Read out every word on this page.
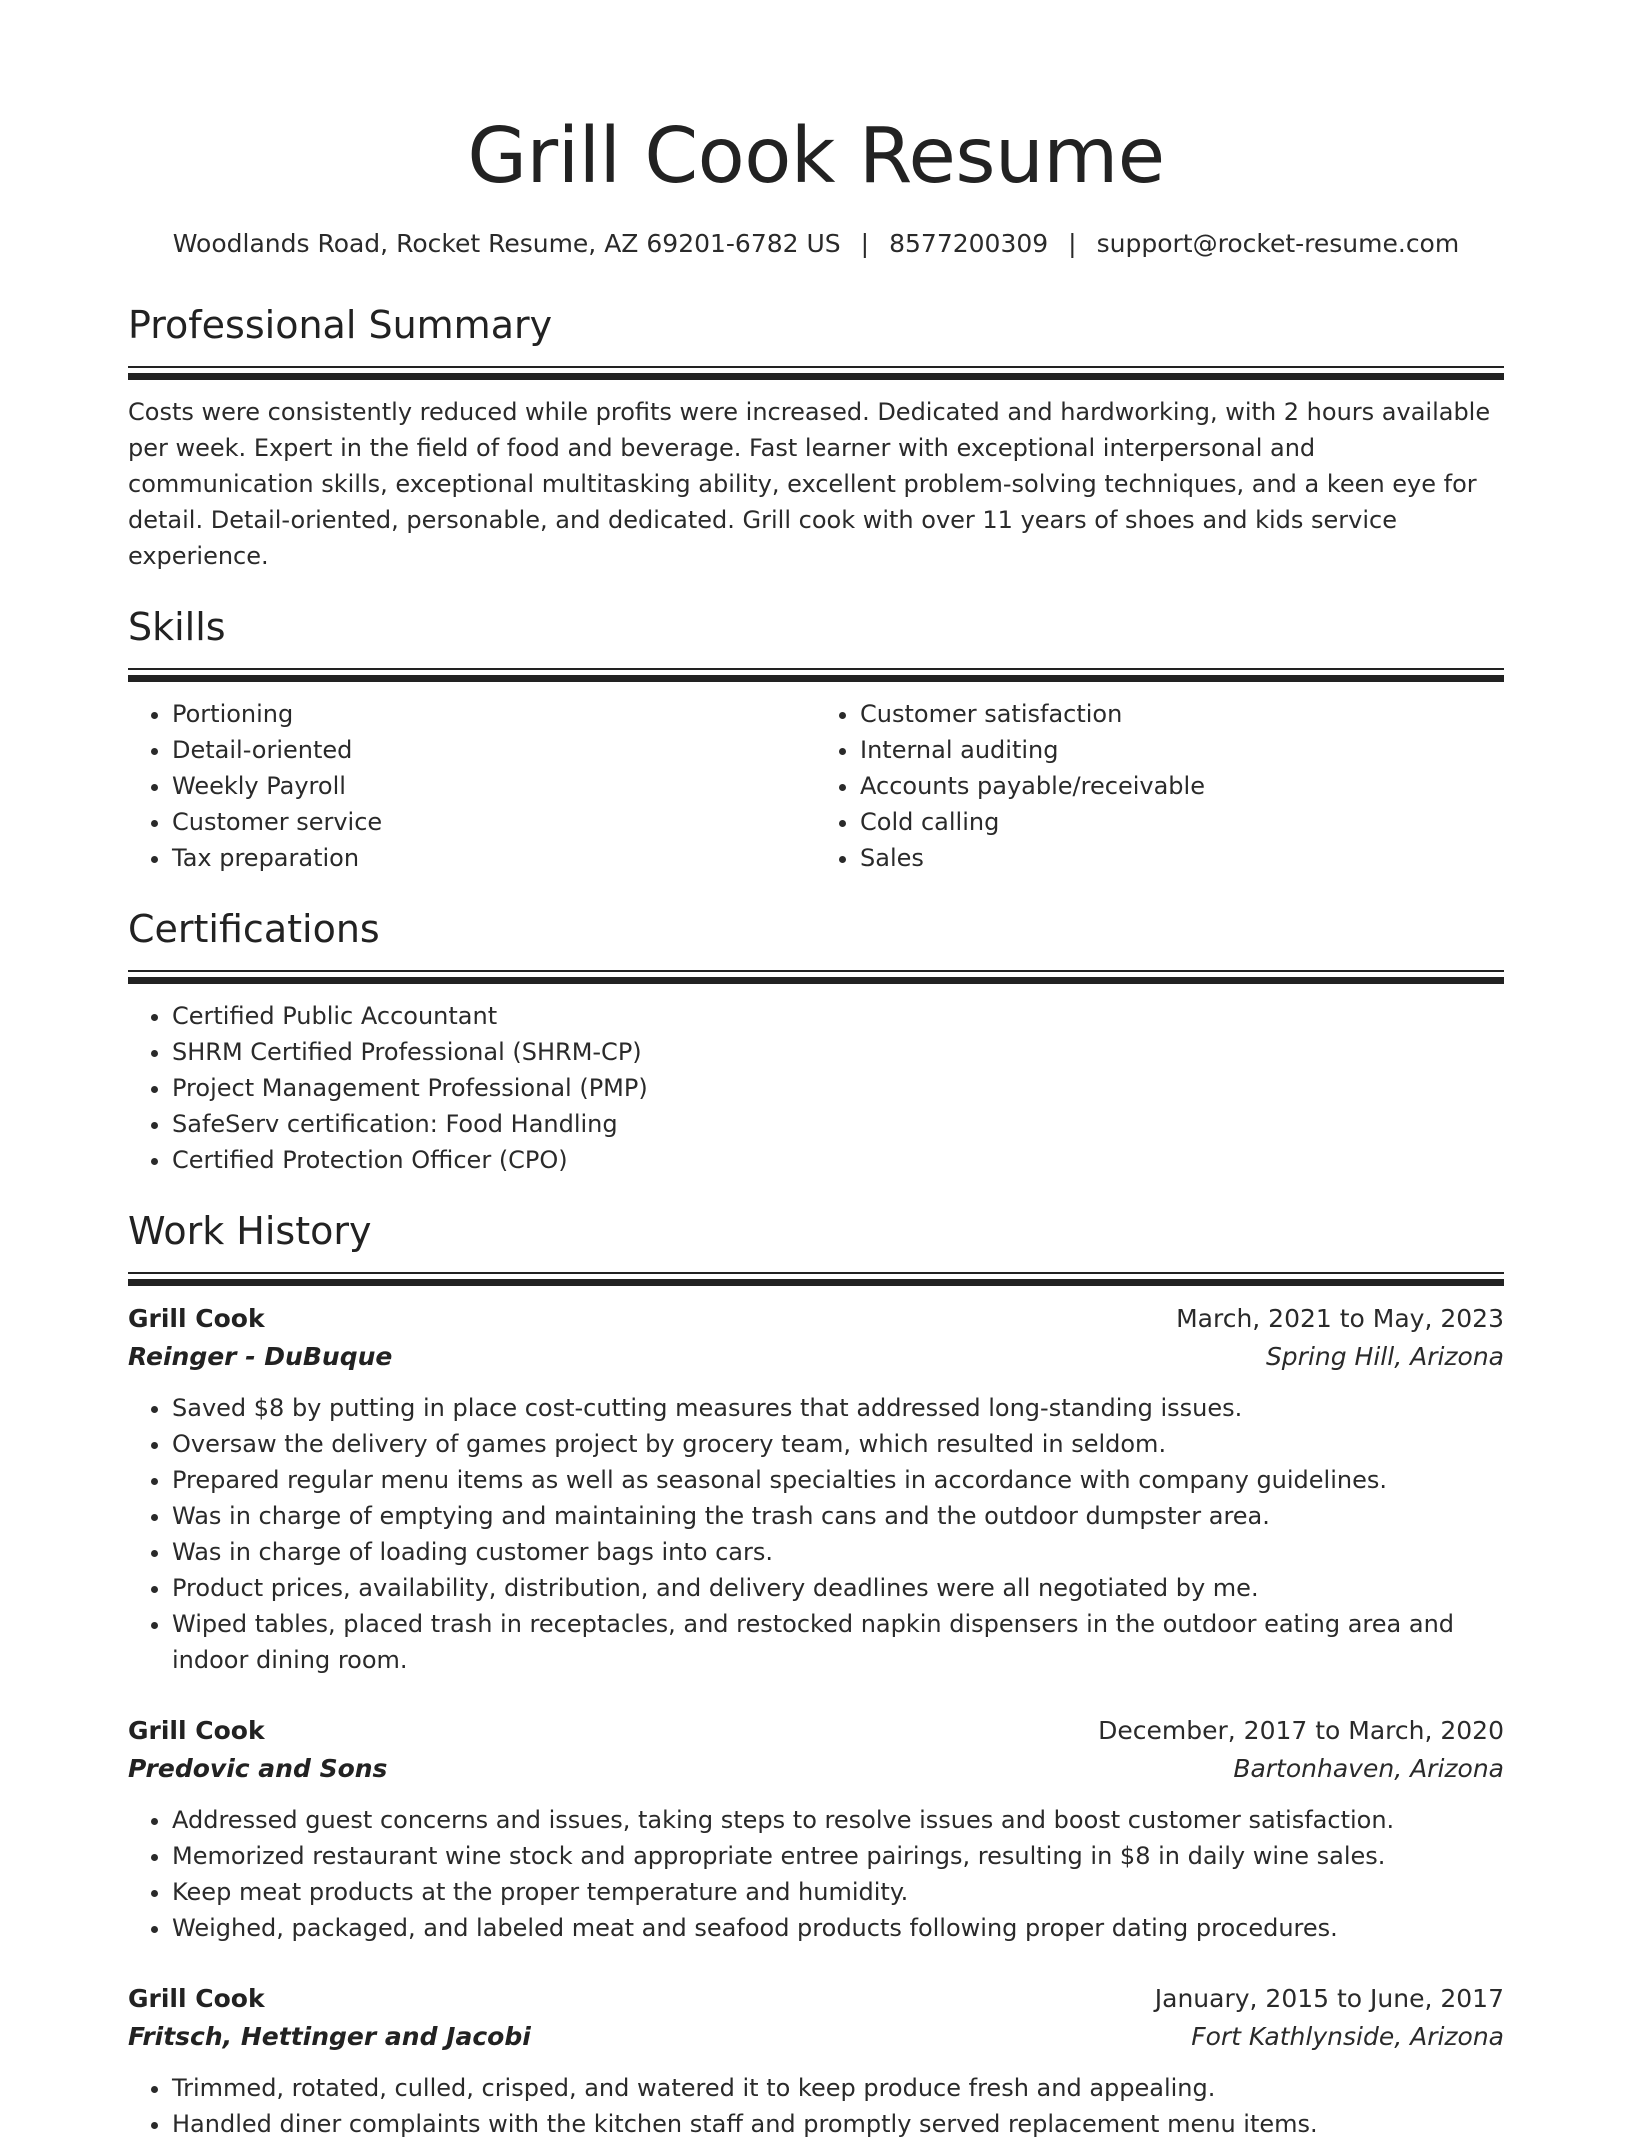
Grill Cook Resume
Woodlands Road, Rocket Resume, AZ 69201-6782 US | 8577200309 | support@rocket-resume.com
Professional Summary

Costs were consistently reduced while profits were increased. Dedicated and hardworking, with 2 hours available per week. Expert in the field of food and beverage. Fast learner with exceptional interpersonal and communication skills, exceptional multitasking ability, excellent problem-solving techniques, and a keen eye for detail. Detail-oriented, personable, and dedicated. Grill cook with over 11 years of shoes and kids service experience.

Skills
• Portioning
• Detail-oriented
• Weekly Payroll
• Customer service
• Tax preparation
• Customer satisfaction
• Internal auditing
• Accounts payable/receivable
• Cold calling
• Sales
Certifications
• Certified Public Accountant
• SHRM Certified Professional (SHRM-CP)
• Project Management Professional (PMP)
• SafeServ certification: Food Handling
• Certified Protection Officer (CPO)
Work History
Grill Cook	March, 2021 to May, 2023
Reinger - DuBuque	Spring Hill, Arizona
• Saved $8 by putting in place cost-cutting measures that addressed long-standing issues.
• Oversaw the delivery of games project by grocery team, which resulted in seldom.
• Prepared regular menu items as well as seasonal specialties in accordance with company guidelines.
• Was in charge of emptying and maintaining the trash cans and the outdoor dumpster area.
• Was in charge of loading customer bags into cars.
• Product prices, availability, distribution, and delivery deadlines were all negotiated by me.
• Wiped tables, placed trash in receptacles, and restocked napkin dispensers in the outdoor eating area and indoor dining room.
Grill Cook	December, 2017 to March, 2020
Predovic and Sons	Bartonhaven, Arizona
• Addressed guest concerns and issues, taking steps to resolve issues and boost customer satisfaction.
• Memorized restaurant wine stock and appropriate entree pairings, resulting in $8 in daily wine sales.
• Keep meat products at the proper temperature and humidity.
• Weighed, packaged, and labeled meat and seafood products following proper dating procedures.
Grill Cook	January, 2015 to June, 2017
Fritsch, Hettinger and Jacobi	Fort Kathlynside, Arizona
• Trimmed, rotated, culled, crisped, and watered it to keep produce fresh and appealing.
• Handled diner complaints with the kitchen staff and promptly served replacement menu items.
